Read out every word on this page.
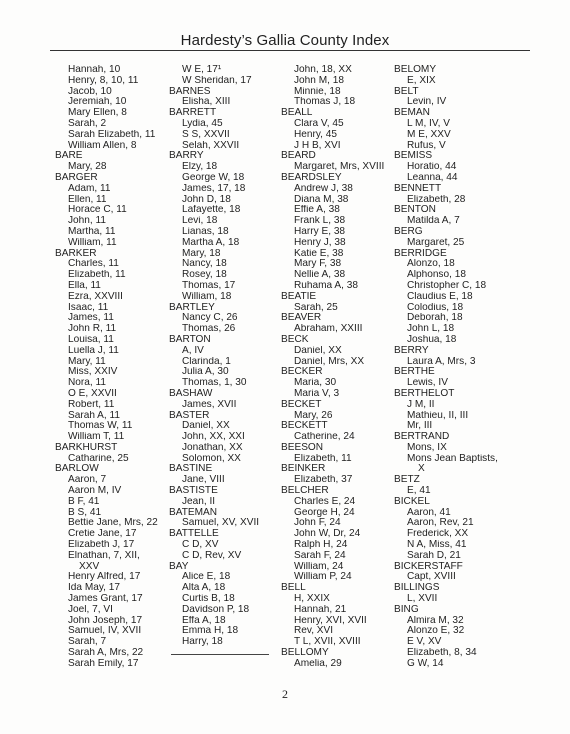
Hardesty’s Gallia County Index
Hannah, 10
Henry, 8, 10, 11
Jacob, 10
Jeremiah, 10
Mary Ellen, 8
Sarah, 2
Sarah Elizabeth, 11
William Allen, 8
BARE
Mary, 28
BARGER
Adam, 11
Ellen, 11
Horace C, 11
John, 11
Martha, 11
William, 11
BARKER
Charles, 11
Elizabeth, 11
Ella, 11
Ezra, XXVIII
Isaac, 11
James, 11
John R, 11
Louisa, 11
Luella J, 11
Mary, 11
Miss, XXIV
Nora, 11
O E, XXVII
Robert, 11
Sarah A, 11
Thomas W, 11
William T, 11
BARKHURST
Catharine, 25
BARLOW
Aaron, 7
Aaron M, IV
B F, 41
B S, 41
Bettie Jane, Mrs, 22
Cretie Jane, 17
Elizabeth J, 17
Elnathan, 7, XII,
XXV
Henry Alfred, 17
Ida May, 17
James Grant, 17
Joel, 7, VI
John Joseph, 17
Samuel, IV, XVII
Sarah, 7
Sarah A, Mrs, 22
Sarah Emily, 17
W E, 17¹
W Sheridan, 17
BARNES
Elisha, XIII
BARRETT
Lydia, 45
S S, XXVII
Selah, XXVII
BARRY
Elzy, 18
George W, 18
James, 17, 18
John D, 18
Lafayette, 18
Levi, 18
Lianas, 18
Martha A, 18
Mary, 18
Nancy, 18
Rosey, 18
Thomas, 17
William, 18
BARTLEY
Nancy C, 26
Thomas, 26
BARTON
A, IV
Clarinda, 1
Julia A, 30
Thomas, 1, 30
BASHAW
James, XVII
BASTER
Daniel, XX
John, XX, XXI
Jonathan, XX
Solomon, XX
BASTINE
Jane, VIII
BASTISTE
Jean, II
BATEMAN
Samuel, XV, XVII
BATTELLE
C D, XV
C D, Rev, XV
BAY
Alice E, 18
Alta A, 18
Curtis B, 18
Davidson P, 18
Effa A, 18
Emma H, 18
Harry, 18
John, 18, XX
John M, 18
Minnie, 18
Thomas J, 18
BEALL
Clara V, 45
Henry, 45
J H B, XVI
BEARD
Margaret, Mrs, XVIII
BEARDSLEY
Andrew J, 38
Diana M, 38
Effie A, 38
Frank L, 38
Harry E, 38
Henry J, 38
Katie E, 38
Mary F, 38
Nellie A, 38
Ruhama A, 38
BEATIE
Sarah, 25
BEAVER
Abraham, XXIII
BECK
Daniel, XX
Daniel, Mrs, XX
BECKER
Maria, 30
Maria V, 3
BECKET
Mary, 26
BECKETT
Catherine, 24
BEESON
Elizabeth, 11
BEINKER
Elizabeth, 37
BELCHER
Charles E, 24
George H, 24
John F, 24
John W, Dr, 24
Ralph H, 24
Sarah F, 24
William, 24
William P, 24
BELL
H, XXIX
Hannah, 21
Henry, XVI, XVII
Rev, XVI
T L, XVII, XVIII
BELLOMY
Amelia, 29
BELOMY
E, XIX
BELT
Levin, IV
BEMAN
L M, IV, V
M E, XXV
Rufus, V
BEMISS
Horatio, 44
Leanna, 44
BENNETT
Elizabeth, 28
BENTON
Matilda A, 7
BERG
Margaret, 25
BERRIDGE
Alonzo, 18
Alphonso, 18
Christopher C, 18
Claudius E, 18
Colodius, 18
Deborah, 18
John L, 18
Joshua, 18
BERRY
Laura A, Mrs, 3
BERTHE
Lewis, IV
BERTHELOT
J M, II
Mathieu, II, III
Mr, III
BERTRAND
Mons, IX
Mons Jean Baptists,
X
BETZ
E, 41
BICKEL
Aaron, 41
Aaron, Rev, 21
Frederick, XX
N A, Miss, 41
Sarah D, 21
BICKERSTAFF
Capt, XVIII
BILLINGS
L, XVII
BING
Almira M, 32
Alonzo E, 32
E V, XV
Elizabeth, 8, 34
G W, 14
2
